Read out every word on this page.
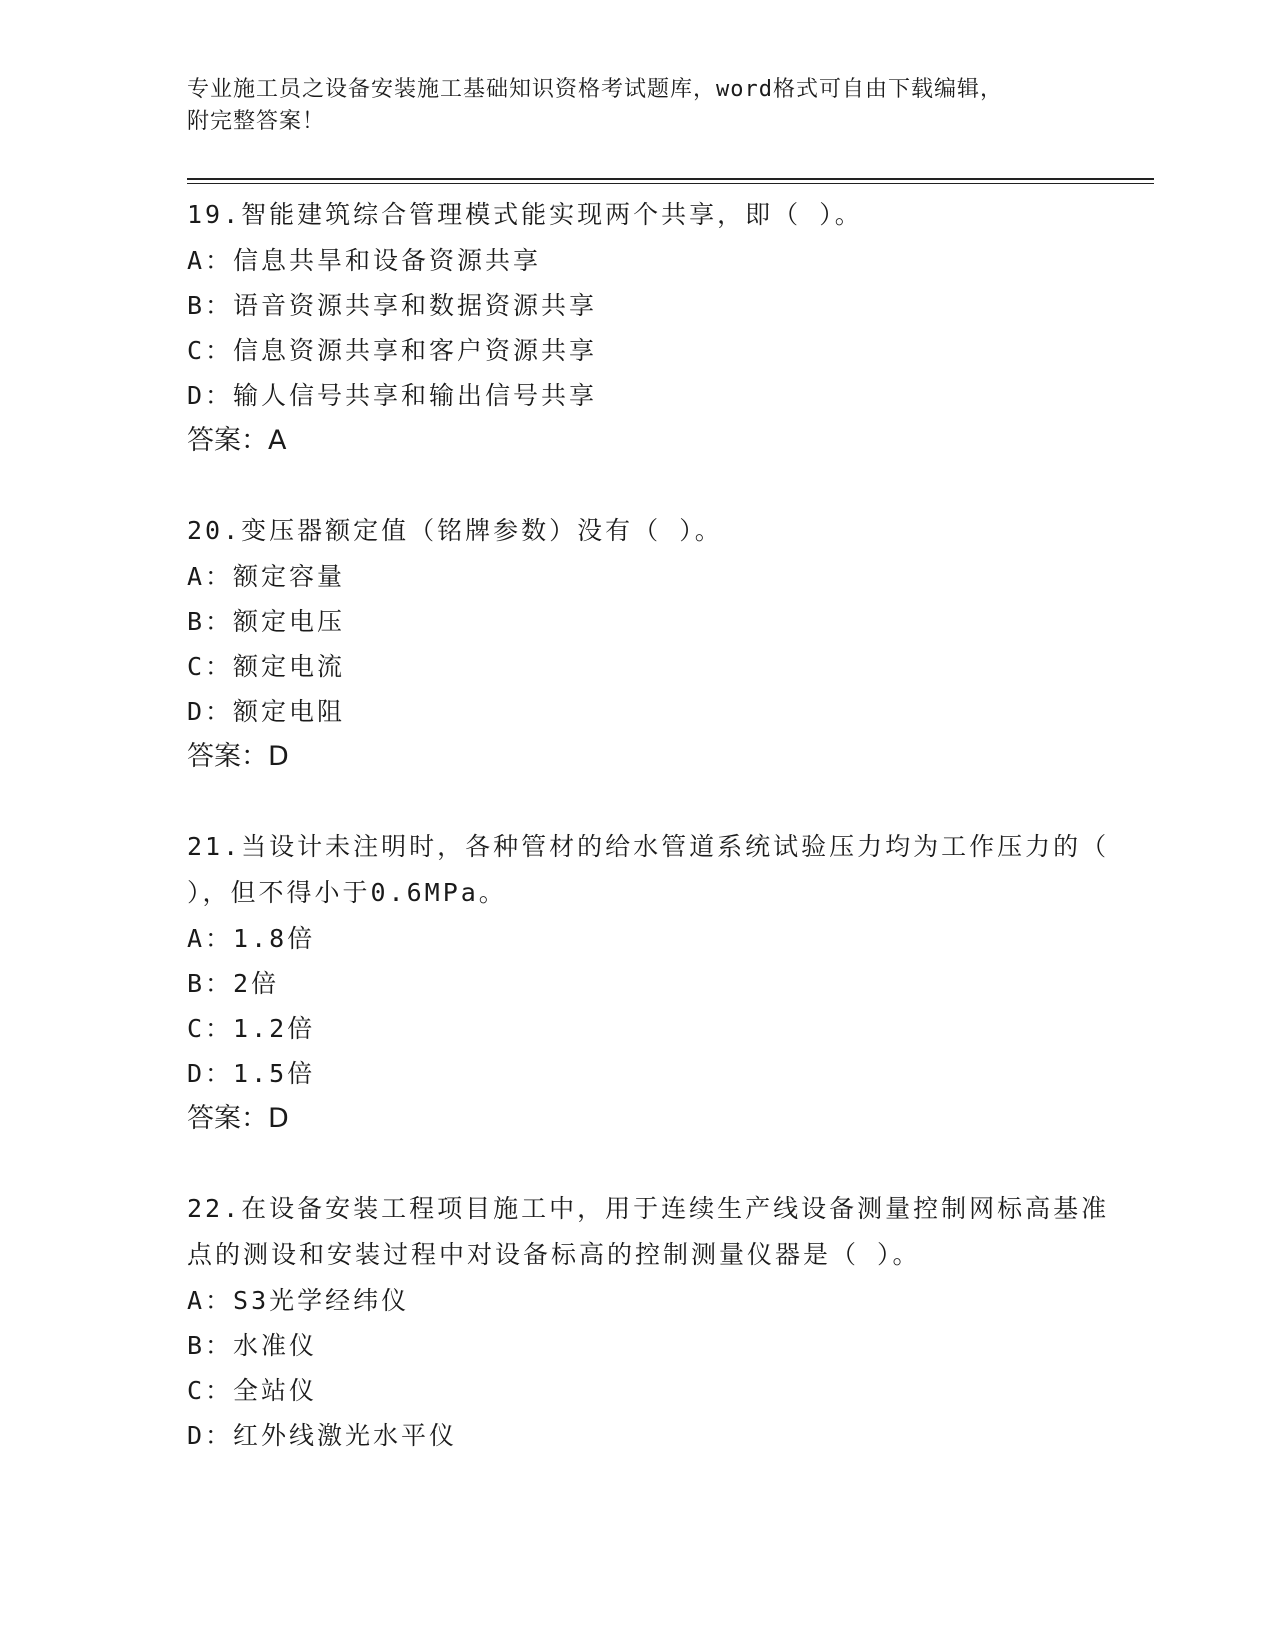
专业施工员之设备安装施工基础知识资格考试题库，word格式可自由下载编辑，
附完整答案！
19.智能建筑综合管理模式能实现两个共享，即（ ）。
A：信息共旱和设备资源共享
B：语音资源共享和数据资源共享
C：信息资源共享和客户资源共享
D：输人信号共享和输出信号共享
答案：A
20.变压器额定值（铭牌参数）没有（ ）。
A：额定容量
B：额定电压
C：额定电流
D：额定电阻
答案：D
21.当设计未注明时，各种管材的给水管道系统试验压力均为工作压力的（ ），但不得小于0.6MPa。
A：1.8倍
B：2倍
C：1.2倍
D：1.5倍
答案：D
22.在设备安装工程项目施工中，用于连续生产线设备测量控制网标高基准点的测设和安装过程中对设备标高的控制测量仪器是（ ）。
A：S3光学经纬仪
B：水准仪
C：全站仪
D：红外线激光水平仪
